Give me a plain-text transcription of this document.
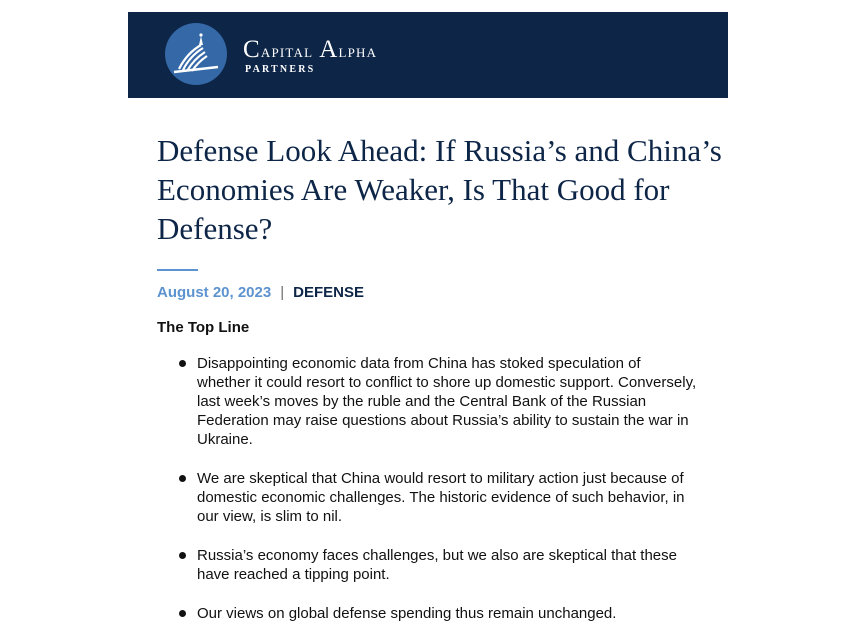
Capital Alpha
PARTNERS
Defense Look Ahead: If Russia’s and China’s Economies Are Weaker, Is That Good for Defense?
August 20, 2023 | DEFENSE
The Top Line
Disappointing economic data from China has stoked speculation of whether it could resort to conflict to shore up domestic support. Conversely, last week’s moves by the ruble and the Central Bank of the Russian Federation may raise questions about Russia’s ability to sustain the war in Ukraine.
We are skeptical that China would resort to military action just because of domestic economic challenges. The historic evidence of such behavior, in our view, is slim to nil.
Russia’s economy faces challenges, but we also are skeptical that these have reached a tipping point.
Our views on global defense spending thus remain unchanged.
